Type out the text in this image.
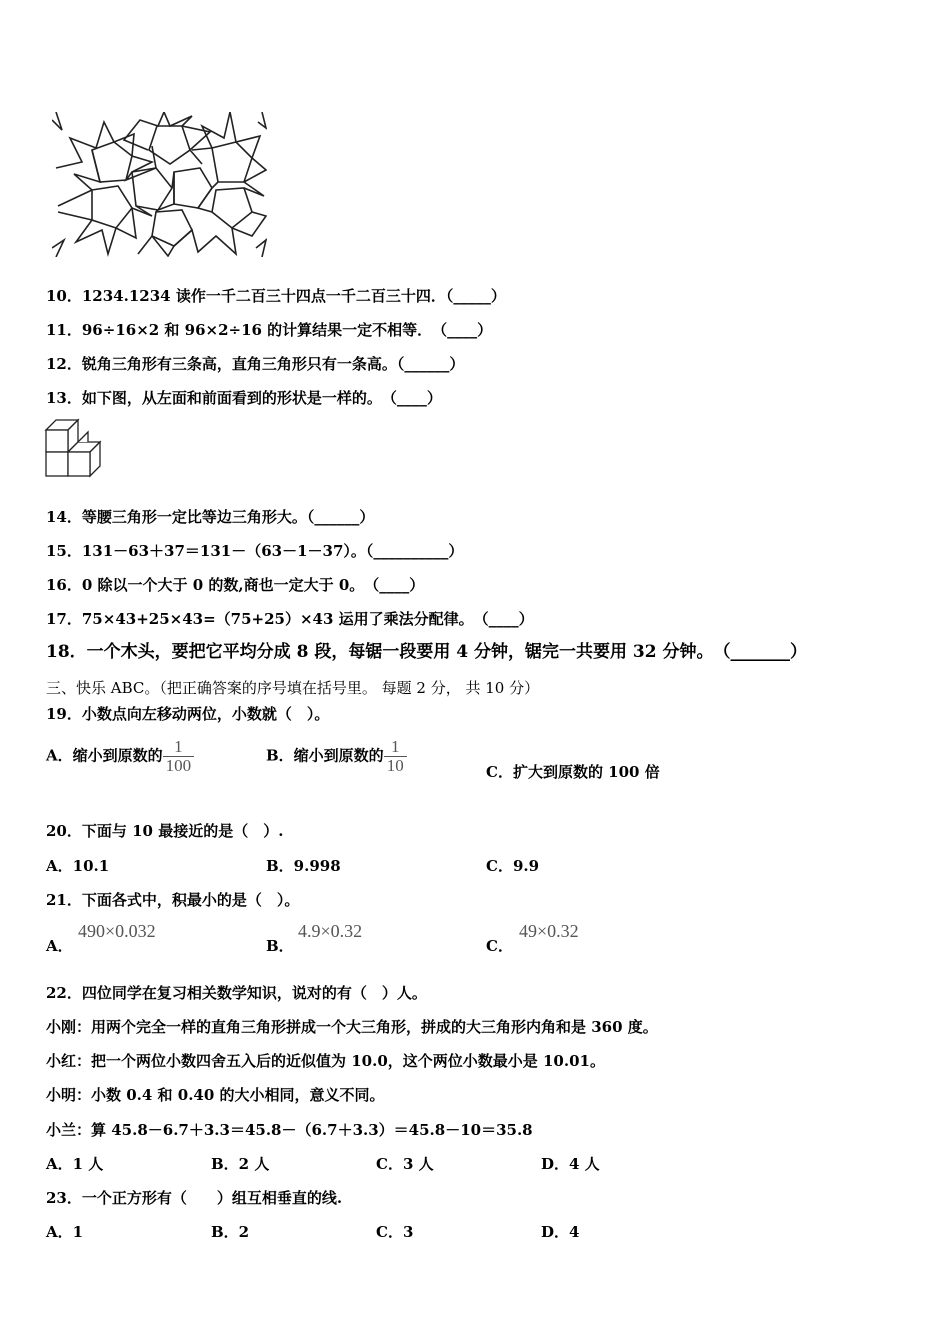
10．1234.1234 读作一千二百三十四点一千二百三十四．（_____）
11．96÷16×2 和 96×2÷16 的计算结果一定不相等．　（____）
12．锐角三角形有三条高，直角三角形只有一条高。（______）
13．如下图，从左面和前面看到的形状是一样的。　（____）
14．等腰三角形一定比等边三角形大。（______）
15．131－63＋37＝131－（63－1－37）。（__________）
16．0 除以一个大于 0 的数,商也一定大于 0。　（____）
17．75×43+25×43=（75+25）×43 运用了乘法分配律。　（____）
18．一个木头，要把它平均分成 8 段，每锯一段要用 4 分钟，锯完一共要用 32 分钟。　（_______）
三、快乐 ABC。（把正确答案的序号填在括号里。 每题 2 分， 共 10 分）
19．小数点向左移动两位，小数就（　）。
A．缩小到原数的 $\frac{1}{100}$	B．缩小到原数的 $\frac{1}{10}$	C．扩大到原数的 100 倍
20．下面与 10 最接近的是（　）.
A．10.1	B．9.998	C．9.9
21．下面各式中，积最小的是（　）。
A．
490×0.032
B．
4.9×0.32
C．
49×0.32
22．四位同学在复习相关数学知识，说对的有（　）人。
小刚：用两个完全一样的直角三角形拼成一个大三角形，拼成的大三角形内角和是 360 度。
小红：把一个两位小数四舍五入后的近似值为 10.0，这个两位小数最小是 10.01。
小明：小数 0.4 和 0.40 的大小相同，意义不同。
小兰：算 45.8－6.7＋3.3＝45.8－（6.7＋3.3）＝45.8－10＝35.8
A．1 人	B．2 人	C．3 人	D．4 人
23．一个正方形有（　　）组互相垂直的线.
A．1	B．2	C．3	D．4
